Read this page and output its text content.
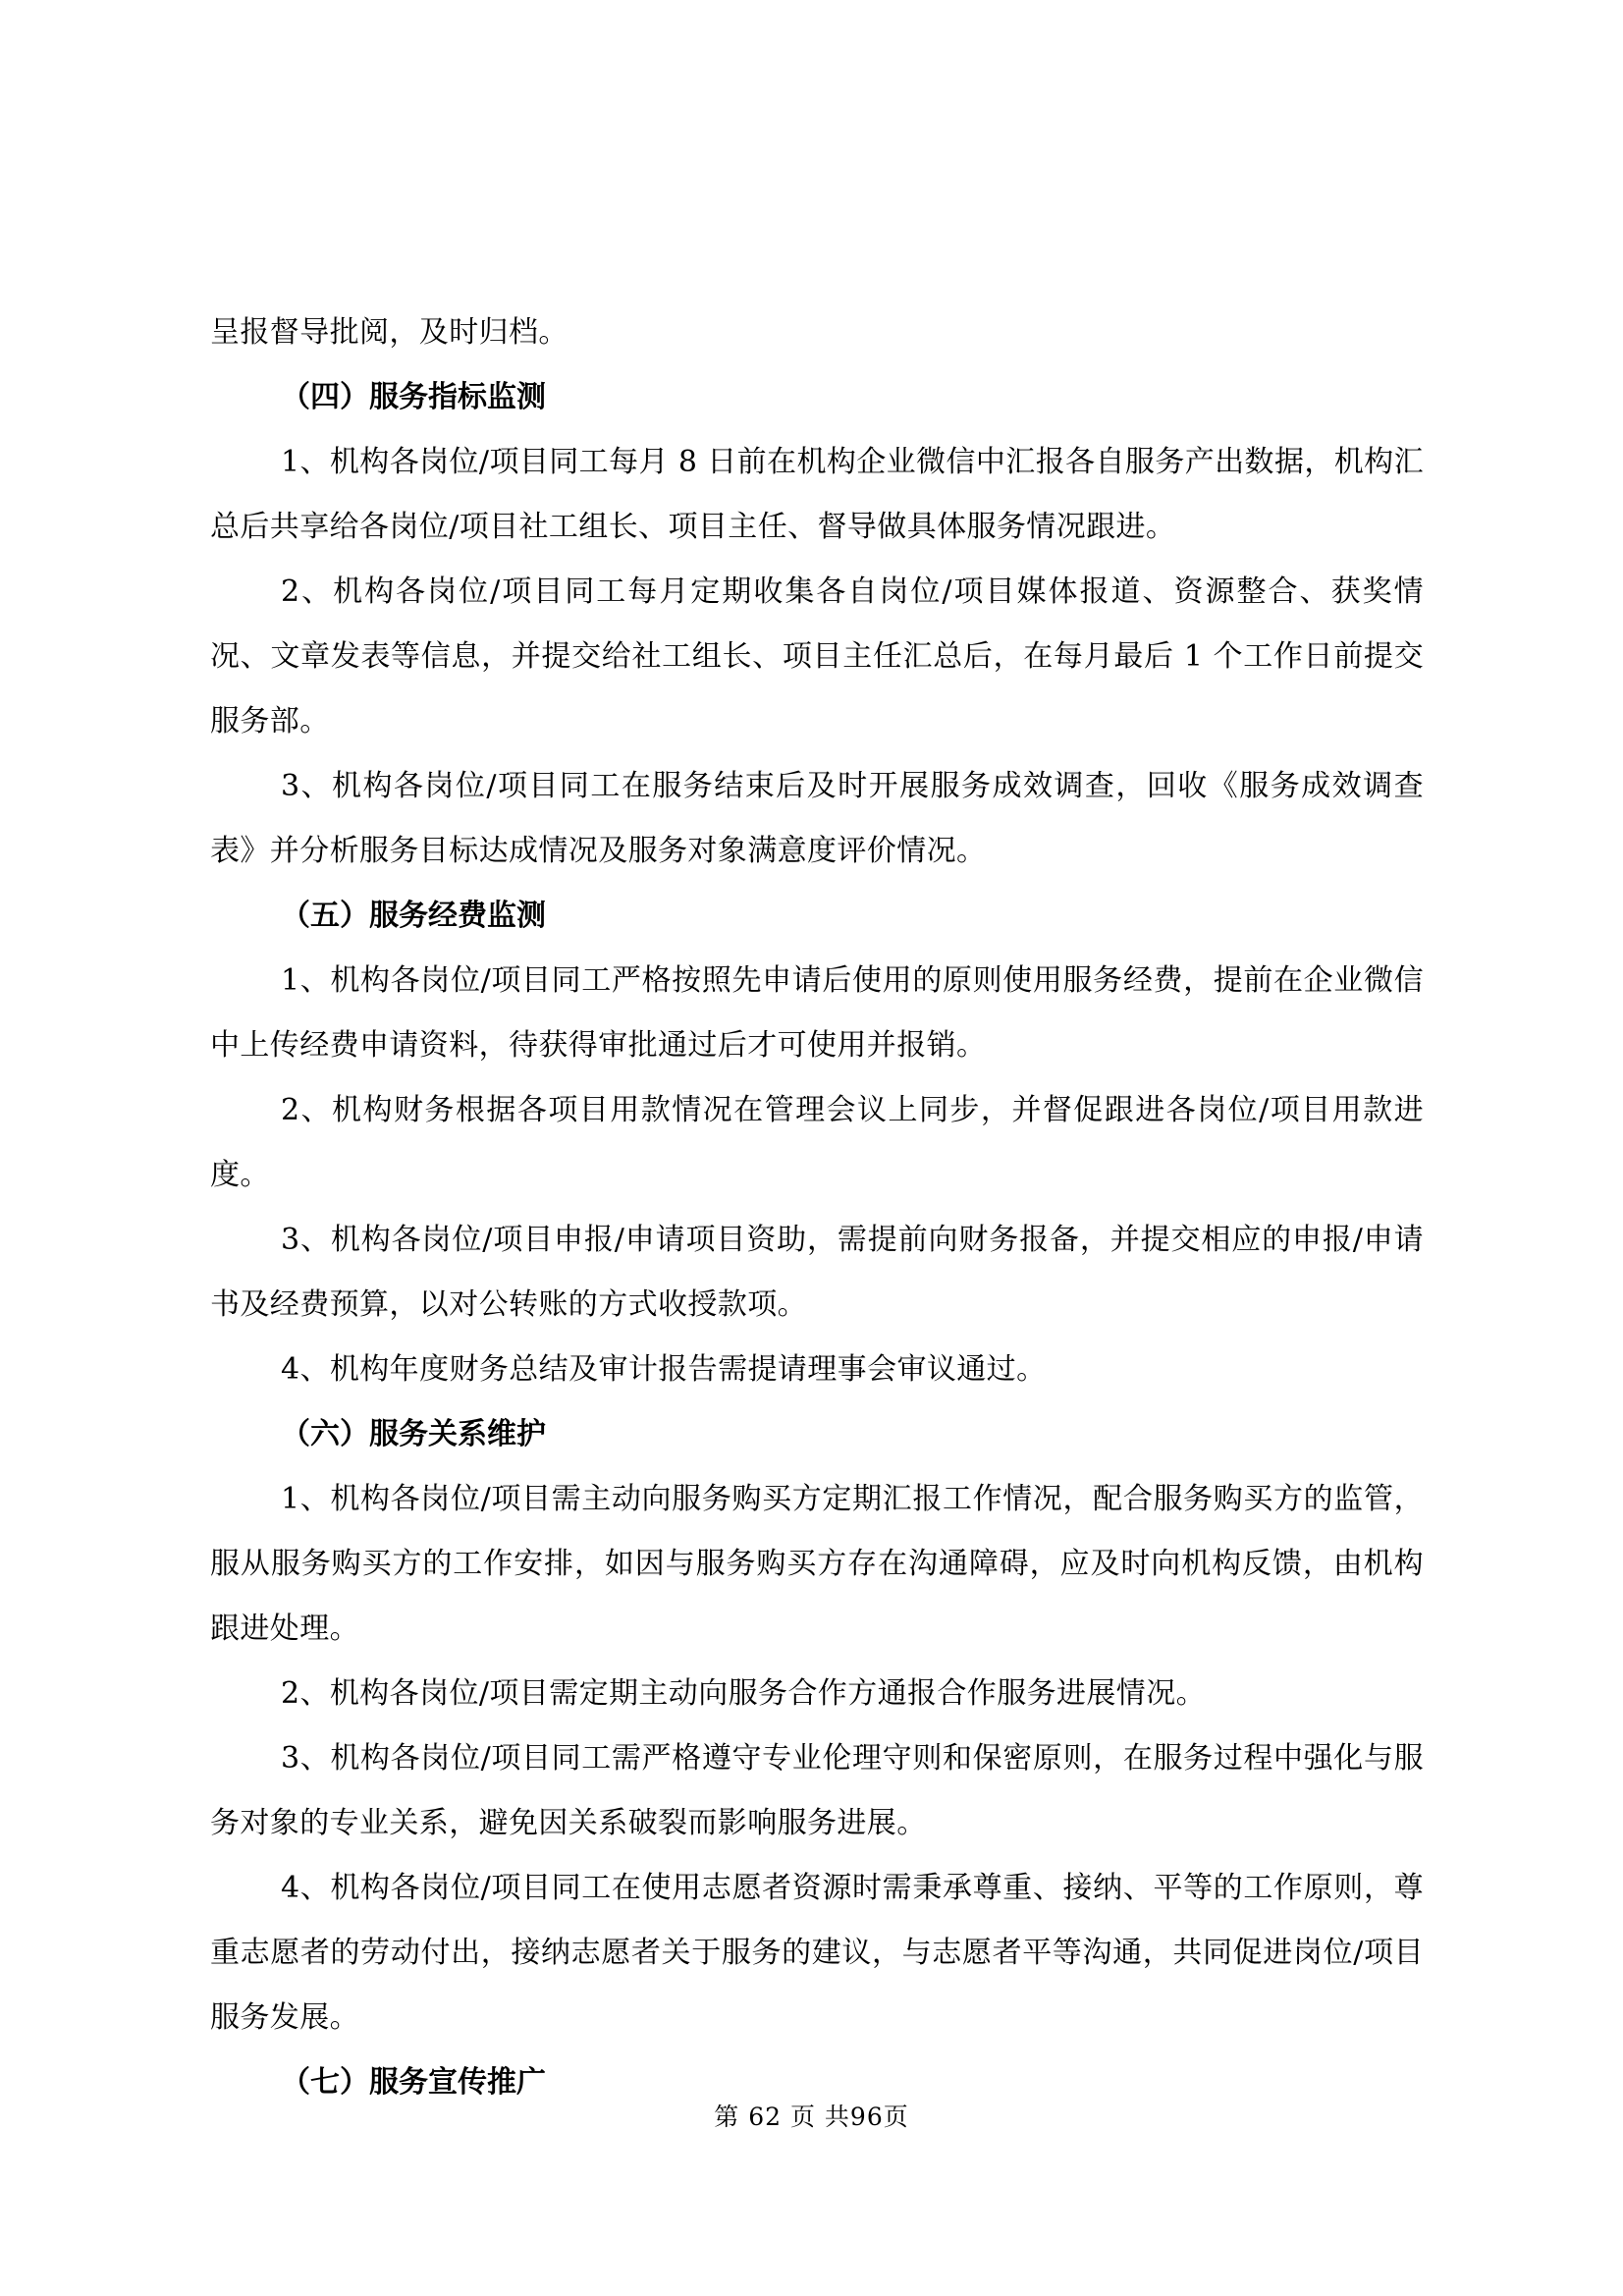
呈报督导批阅，及时归档。

（四）服务指标监测

1、机构各岗位/项目同工每月 8 日前在机构企业微信中汇报各自服务产出数据，机构汇总后共享给各岗位/项目社工组长、项目主任、督导做具体服务情况跟进。

2、机构各岗位/项目同工每月定期收集各自岗位/项目媒体报道、资源整合、获奖情况、文章发表等信息，并提交给社工组长、项目主任汇总后，在每月最后 1 个工作日前提交服务部。

3、机构各岗位/项目同工在服务结束后及时开展服务成效调查，回收《服务成效调查表》并分析服务目标达成情况及服务对象满意度评价情况。

（五）服务经费监测

1、机构各岗位/项目同工严格按照先申请后使用的原则使用服务经费，提前在企业微信中上传经费申请资料，待获得审批通过后才可使用并报销。

2、机构财务根据各项目用款情况在管理会议上同步，并督促跟进各岗位/项目用款进度。

3、机构各岗位/项目申报/申请项目资助，需提前向财务报备，并提交相应的申报/申请书及经费预算，以对公转账的方式收授款项。

4、机构年度财务总结及审计报告需提请理事会审议通过。

（六）服务关系维护

1、机构各岗位/项目需主动向服务购买方定期汇报工作情况，配合服务购买方的监管，服从服务购买方的工作安排，如因与服务购买方存在沟通障碍，应及时向机构反馈，由机构跟进处理。

2、机构各岗位/项目需定期主动向服务合作方通报合作服务进展情况。

3、机构各岗位/项目同工需严格遵守专业伦理守则和保密原则，在服务过程中强化与服务对象的专业关系，避免因关系破裂而影响服务进展。

4、机构各岗位/项目同工在使用志愿者资源时需秉承尊重、接纳、平等的工作原则，尊重志愿者的劳动付出，接纳志愿者关于服务的建议，与志愿者平等沟通，共同促进岗位/项目服务发展。

（七）服务宣传推广

第 62 页 共96页
